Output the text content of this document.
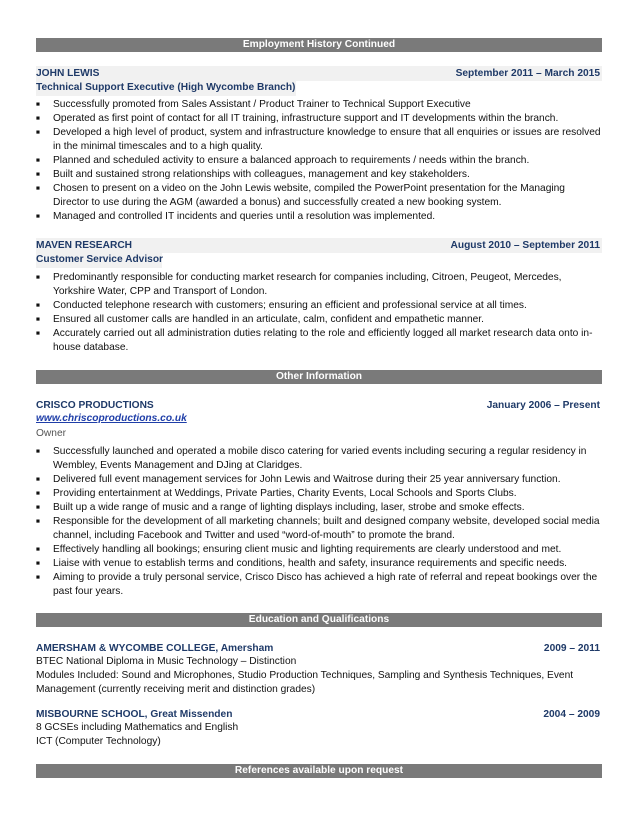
Employment History Continued
JOHN LEWIS	September 2011 – March 2015
Technical Support Executive (High Wycombe Branch)
■ Successfully promoted from Sales Assistant / Product Trainer to Technical Support Executive
■ Operated as first point of contact for all IT training, infrastructure support and IT developments within the branch.
■ Developed a high level of product, system and infrastructure knowledge to ensure that all enquiries or issues are resolved in the minimal timescales and to a high quality.
■ Planned and scheduled activity to ensure a balanced approach to requirements / needs within the branch.
■ Built and sustained strong relationships with colleagues, management and key stakeholders.
■ Chosen to present on a video on the John Lewis website, compiled the PowerPoint presentation for the Managing Director to use during the AGM (awarded a bonus) and successfully created a new booking system.
■ Managed and controlled IT incidents and queries until a resolution was implemented.
MAVEN RESEARCH	August 2010 – September 2011
Customer Service Advisor
■ Predominantly responsible for conducting market research for companies including, Citroen, Peugeot, Mercedes, Yorkshire Water, CPP and Transport of London.
■ Conducted telephone research with customers; ensuring an efficient and professional service at all times.
■ Ensured all customer calls are handled in an articulate, calm, confident and empathetic manner.
■ Accurately carried out all administration duties relating to the role and efficiently logged all market research data onto in-house database.
Other Information
CRISCO PRODUCTIONS	January 2006 – Present
www.chriscoproductions.co.uk
Owner
■ Successfully launched and operated a mobile disco catering for varied events including securing a regular residency in Wembley, Events Management and DJing at Claridges.
■ Delivered full event management services for John Lewis and Waitrose during their 25 year anniversary function.
■ Providing entertainment at Weddings, Private Parties, Charity Events, Local Schools and Sports Clubs.
■ Built up a wide range of music and a range of lighting displays including, laser, strobe and smoke effects.
■ Responsible for the development of all marketing channels; built and designed company website, developed social media channel, including Facebook and Twitter and used “word-of-mouth” to promote the brand.
■ Effectively handling all bookings; ensuring client music and lighting requirements are clearly understood and met.
■ Liaise with venue to establish terms and conditions, health and safety, insurance requirements and specific needs.
■ Aiming to provide a truly personal service, Crisco Disco has achieved a high rate of referral and repeat bookings over the past four years.
Education and Qualifications
AMERSHAM & WYCOMBE COLLEGE, Amersham	2009 – 2011
BTEC National Diploma in Music Technology – Distinction
Modules Included: Sound and Microphones, Studio Production Techniques, Sampling and Synthesis Techniques, Event Management (currently receiving merit and distinction grades)
MISBOURNE SCHOOL, Great Missenden	2004 – 2009
8 GCSEs including Mathematics and English
ICT (Computer Technology)
References available upon request
